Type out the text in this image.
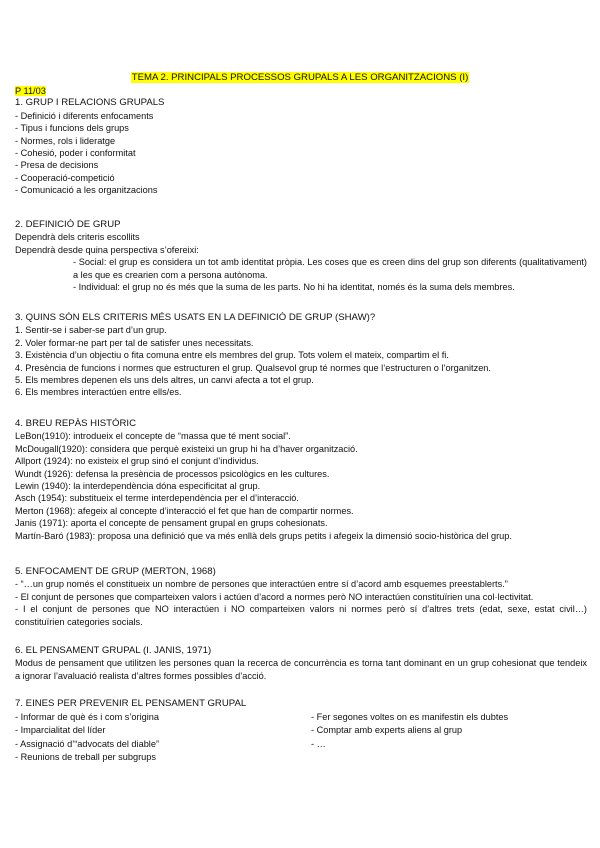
TEMA 2. PRINCIPALS PROCESSOS GRUPALS A LES ORGANITZACIONS (I)
P 11/03
1. GRUP I RELACIONS GRUPALS
- Definició i diferents enfocaments
- Tipus i funcions dels grups
- Normes, rols i lideratge
- Cohesió, poder i conformitat
- Presa de decisions
- Cooperació-competició
- Comunicació a les organitzacions
2. DEFINICIÓ DE GRUP
Dependrà dels criteris escollits
Dependrà desde quina perspectiva s’ofereixi:
- Social: el grup es considera un tot amb identitat pròpia. Les coses que es creen dins del grup son diferents (qualitativament) a les que es crearien com a persona autònoma.
- Individual: el grup no és més que la suma de les parts. No hi ha identitat, només és la suma dels membres.
3. QUINS SÓN ELS CRITERIS MÉS USATS EN LA DEFINICIÓ DE GRUP (SHAW)?
1. Sentir-se i saber-se part d’un grup.
2. Voler formar-ne part per tal de satisfer unes necessitats.
3. Existència d’un objectiu o fita comuna entre els membres del grup. Tots volem el mateix, compartim el fi.
4. Presència de funcions i normes que estructuren el grup. Qualsevol grup té normes que l’estructuren o l’organitzen.
5. Els membres depenen els uns dels altres, un canvi afecta a tot el grup.
6. Els membres interactúen entre ells/es.
4. BREU REPÀS HISTÒRIC
LeBon(1910): introdueix el concepte de “massa que té ment social”.
McDougall(1920): considera que perquè existeixi un grup hi ha d’haver organització.
Allport (1924): no existeix el grup sinó el conjunt d’individus.
Wundt (1926): defensa la presència de processos psicològics en les cultures.
Lewin (1940): la interdependència dóna especificitat al grup.
Asch (1954): substitueix el terme interdependència per el d’interacció.
Merton (1968): afegeix al concepte d’interacció el fet que han de compartir normes.
Janis (1971): aporta el concepte de pensament grupal en grups cohesionats.
Martín-Baró (1983): proposa una definició que va més enllà dels grups petits i afegeix la dimensió socio-històrica del grup.
5. ENFOCAMENT DE GRUP (MERTON, 1968)
- “…un grup només el constitueix un nombre de persones que interactúen entre sí d’acord amb esquemes preestablerts.”
- El conjunt de persones que comparteixen valors i actúen d’acord a normes però NO interactúen constituïrien una col·lectivitat.
- I el conjunt de persones que NO interactúen i NO comparteixen valors ni normes però sí d’altres trets (edat, sexe, estat civil…) constituïrien categories socials.
6. EL PENSAMENT GRUPAL (I. JANIS, 1971)
Modus de pensament que utilitzen les persones quan la recerca de concurrència es torna tant dominant en un grup cohesionat que tendeix a ignorar l’avaluació realista d’altres formes possibles d’acció.
7. EINES PER PREVENIR EL PENSAMENT GRUPAL
- Informar de què és i com s’origina
- Imparcialitat del líder
- Assignació d’“advocats del diable”
- Reunions de treball per subgrups
- Fer segones voltes on es manifestin els dubtes
- Comptar amb experts aliens al grup
- …
